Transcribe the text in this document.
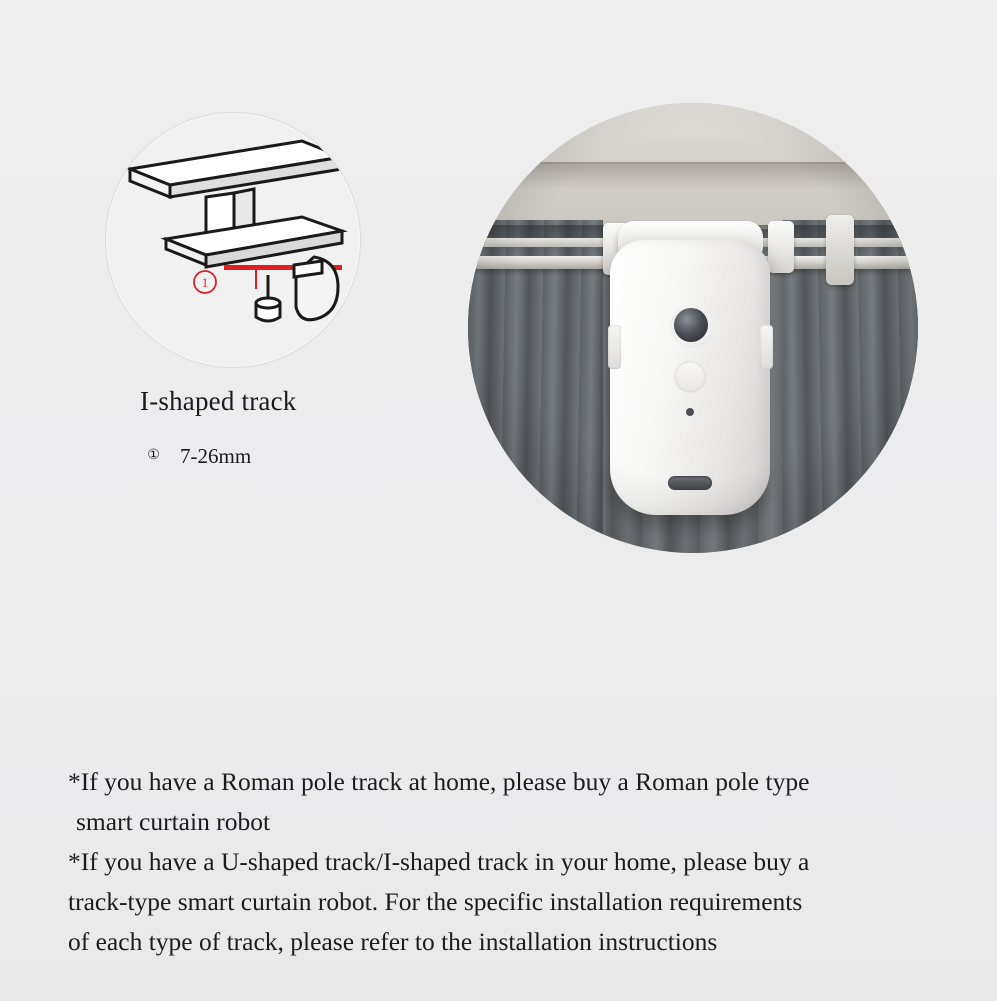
1
I-shaped track
① 7-26mm

*If you have a Roman pole track at home, please buy a Roman pole type

smart curtain robot

*If you have a U-shaped track/I-shaped track in your home, please buy a

track-type smart curtain robot. For the specific installation requirements

of each type of track, please refer to the installation instructions
